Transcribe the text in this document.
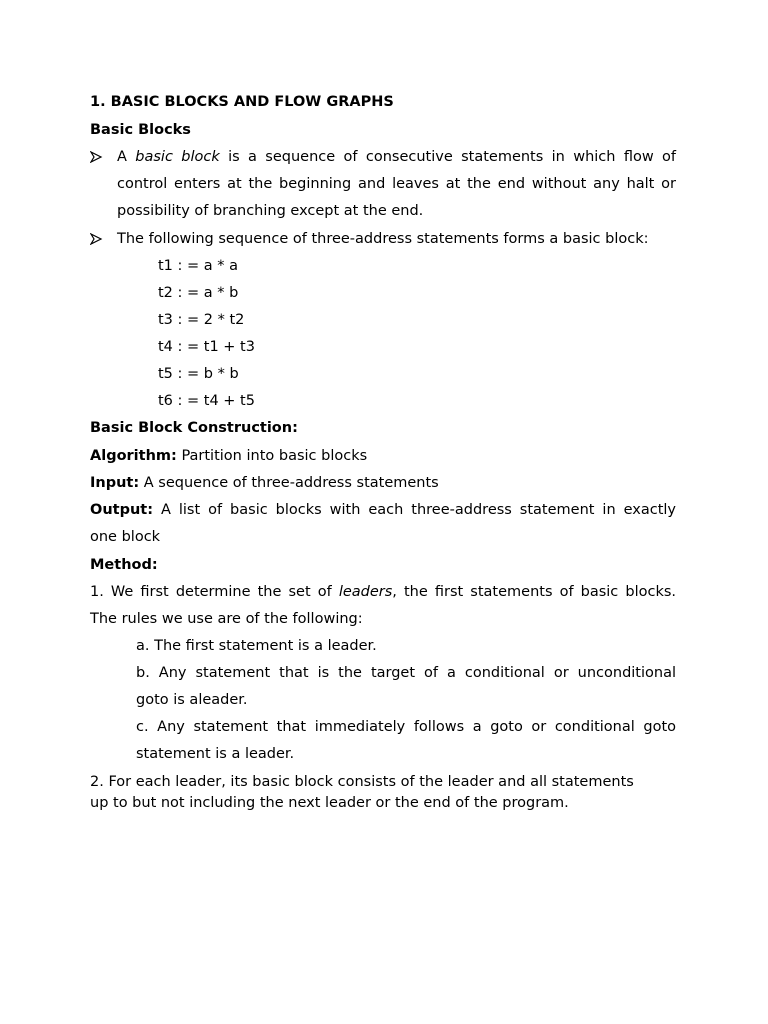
1. BASIC BLOCKS AND FLOW GRAPHS
Basic Blocks
A basic block is a sequence of consecutive statements in which flow of
control enters at the beginning and leaves at the end without any halt or
possibility of branching except at the end.
The following sequence of three-address statements forms a basic block:
t1 : = a * a
t2 : = a * b
t3 : = 2 * t2
t4 : = t1 + t3
t5 : = b * b
t6 : = t4 + t5
Basic Block Construction:
Algorithm: Partition into basic blocks
Input: A sequence of three-address statements
Output: A list of basic blocks with each three-address statement in exactly
one block
Method:
1. We first determine the set of leaders, the first statements of basic blocks.
The rules we use are of the following:
a. The first statement is a leader.
b. Any statement that is the target of a conditional or unconditional
goto is aleader.
c. Any statement that immediately follows a goto or conditional goto
statement is a leader.
2. For each leader, its basic block consists of the leader and all statements
up to but not including the next leader or the end of the program.
